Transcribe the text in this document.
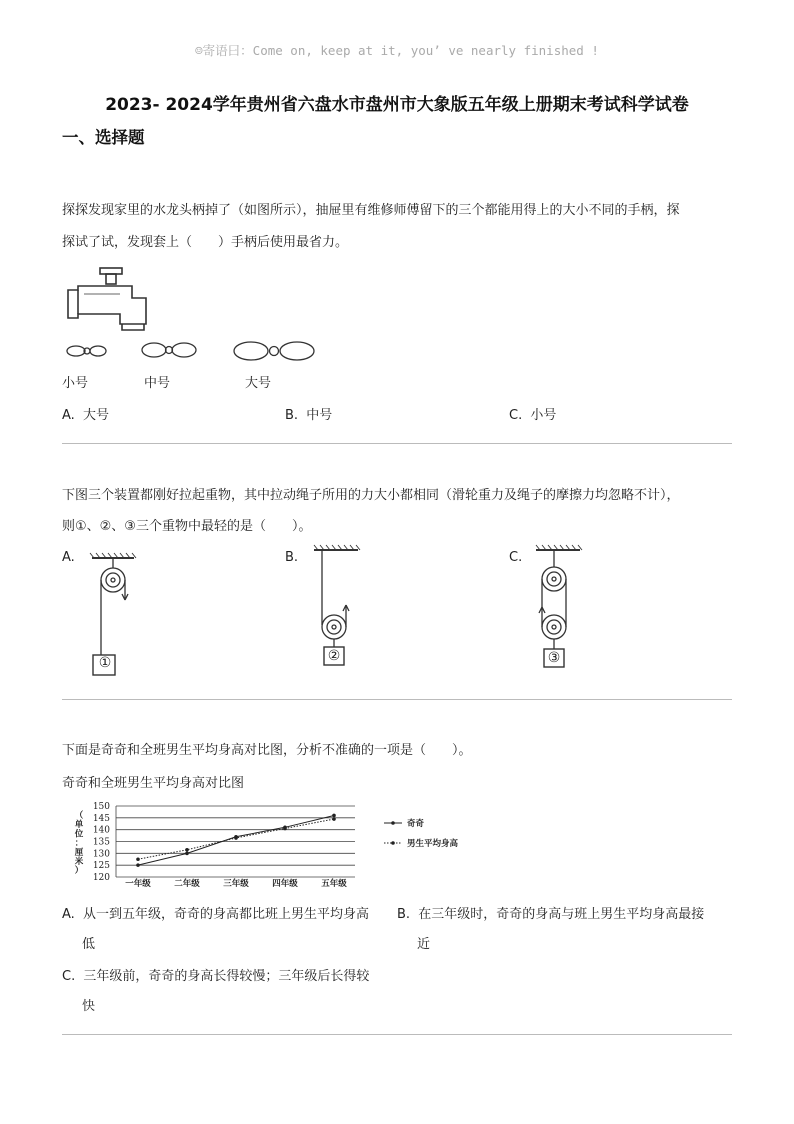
☺寄语曰：Come on, keep at it, you’ ve nearly finished !
2023- 2024学年贵州省六盘水市盘州市大象版五年级上册期末考试科学试卷
一、选择题
探探发现家里的水龙头柄掉了（如图所示），抽屉里有维修师傅留下的三个都能用得上的大小不同的手柄，探
探试了试，发现套上（　　）手柄后使用最省力。
小号	中号	大号
A. 大号	B. 中号	C. 小号
下图三个装置都刚好拉起重物，其中拉动绳子所用的力大小都相同（滑轮重力及绳子的摩擦力均忽略不计），
则①、②、③三个重物中最轻的是（　　）。
A.	B.	C.
①	②	③
下面是奇奇和全班男生平均身高对比图，分析不准确的一项是（　　）。
奇奇和全班男生平均身高对比图
（
单
位
：
厘
米
）
120
125
130
135
140
145
150
一年级	二年级	三年级	四年级	五年级
奇奇
男生平均身高
A. 从一到五年级，奇奇的身高都比班上男生平均身高
低
B. 在三年级时，奇奇的身高与班上男生平均身高最接
近
C. 三年级前，奇奇的身高长得较慢；三年级后长得较
快
